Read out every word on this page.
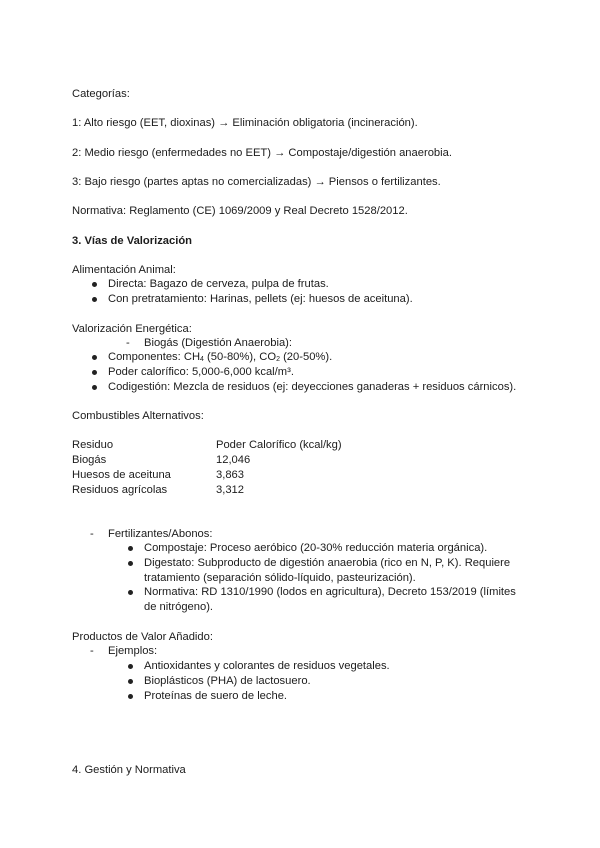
Categorías:
1: Alto riesgo (EET, dioxinas) → Eliminación obligatoria (incineración).
2: Medio riesgo (enfermedades no EET) → Compostaje/digestión anaerobia.
3: Bajo riesgo (partes aptas no comercializadas) → Piensos o fertilizantes.
Normativa: Reglamento (CE) 1069/2009 y Real Decreto 1528/2012.
3. Vías de Valorización
Alimentación Animal:
Directa: Bagazo de cerveza, pulpa de frutas.
Con pretratamiento: Harinas, pellets (ej: huesos de aceituna).
Valorización Energética:
- Biogás (Digestión Anaerobia):
Componentes: $CH_4$ (50-80%), $CO_2$ (20-50%).
Poder calorífico: 5,000-6,000 kcal/m³.
Codigestión: Mezcla de residuos (ej: deyecciones ganaderas + residuos cárnicos).
Combustibles Alternativos:
Residuo	Poder Calorífico (kcal/kg)
Biogás	12,046
Huesos de aceituna	3,863
Residuos agrícolas	3,312
- Fertilizantes/Abonos:
Compostaje: Proceso aeróbico (20-30% reducción materia orgánica).
Digestato: Subproducto de digestión anaerobia (rico en N, P, K). Requiere
tratamiento (separación sólido-líquido, pasteurización).
Normativa: RD 1310/1990 (lodos en agricultura), Decreto 153/2019 (límites
de nitrógeno).
Productos de Valor Añadido:
- Ejemplos:
Antioxidantes y colorantes de residuos vegetales.
Bioplásticos (PHA) de lactosuero.
Proteínas de suero de leche.
4. Gestión y Normativa
